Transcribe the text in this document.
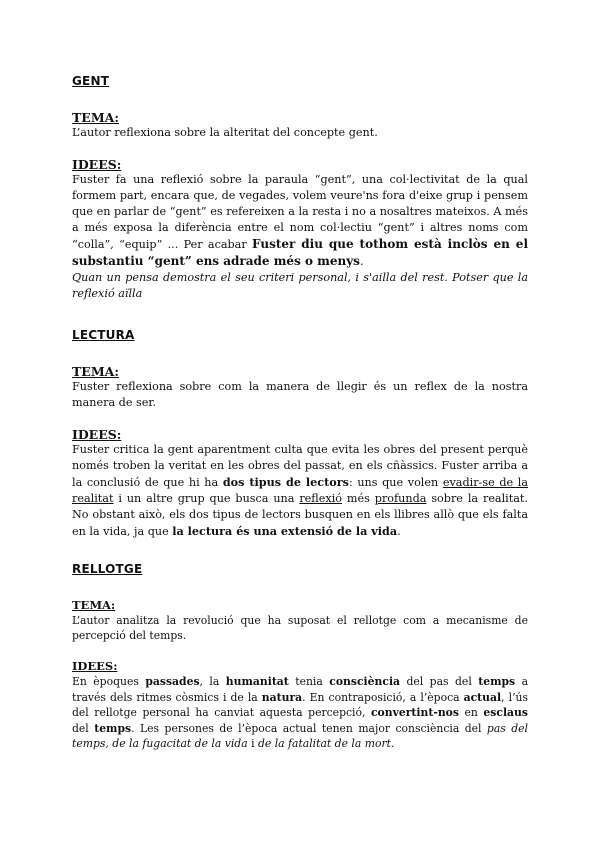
GENT

TEMA:

L’autor reflexiona sobre la alteritat del concepte gent.

IDEES:

Fuster fa una reflexió sobre la paraula “gent”, una col·lectivitat de la qual formem part, encara que, de vegades, volem veure'ns fora d'eixe grup i pensem que en parlar de “gent” es refereixen a la resta i no a nosaltres mateixos. A més a més exposa la diferència entre el nom col·lectiu “gent” i altres noms com “colla”, “equip” ... Per acabar Fuster diu que tothom està inclòs en el substantiu “gent” ens adrade més o menys.

Quan un pensa demostra el seu criteri personal, i s'ailla del rest. Potser que la reflexió aïlla

LECTURA

TEMA:

Fuster reflexiona sobre com la manera de llegir és un reflex de la nostra manera de ser.

IDEES:

Fuster critica la gent aparentment culta que evita les obres del present perquè només troben la veritat en les obres del passat, en els cñàssics. Fuster arriba a la conclusió de que hi ha dos tipus de lectors: uns que volen evadir-se de la realitat i un altre grup que busca una reflexió més profunda sobre la realitat. No obstant això, els dos tipus de lectors busquen en els llibres allò que els falta en la vida, ja que la lectura és una extensió de la vida.

RELLOTGE

TEMA:

L’autor analitza la revolució que ha suposat el rellotge com a mecanisme de percepció del temps.

IDEES:

En èpoques passades, la humanitat tenia consciència del pas del temps a través dels ritmes còsmics i de la natura. En contraposició, a l’època actual, l’ús del rellotge personal ha canviat aquesta percepció, convertint-nos en esclaus del temps. Les persones de l’època actual tenen major consciència del pas del temps, de la fugacitat de la vida i de la fatalitat de la mort.
